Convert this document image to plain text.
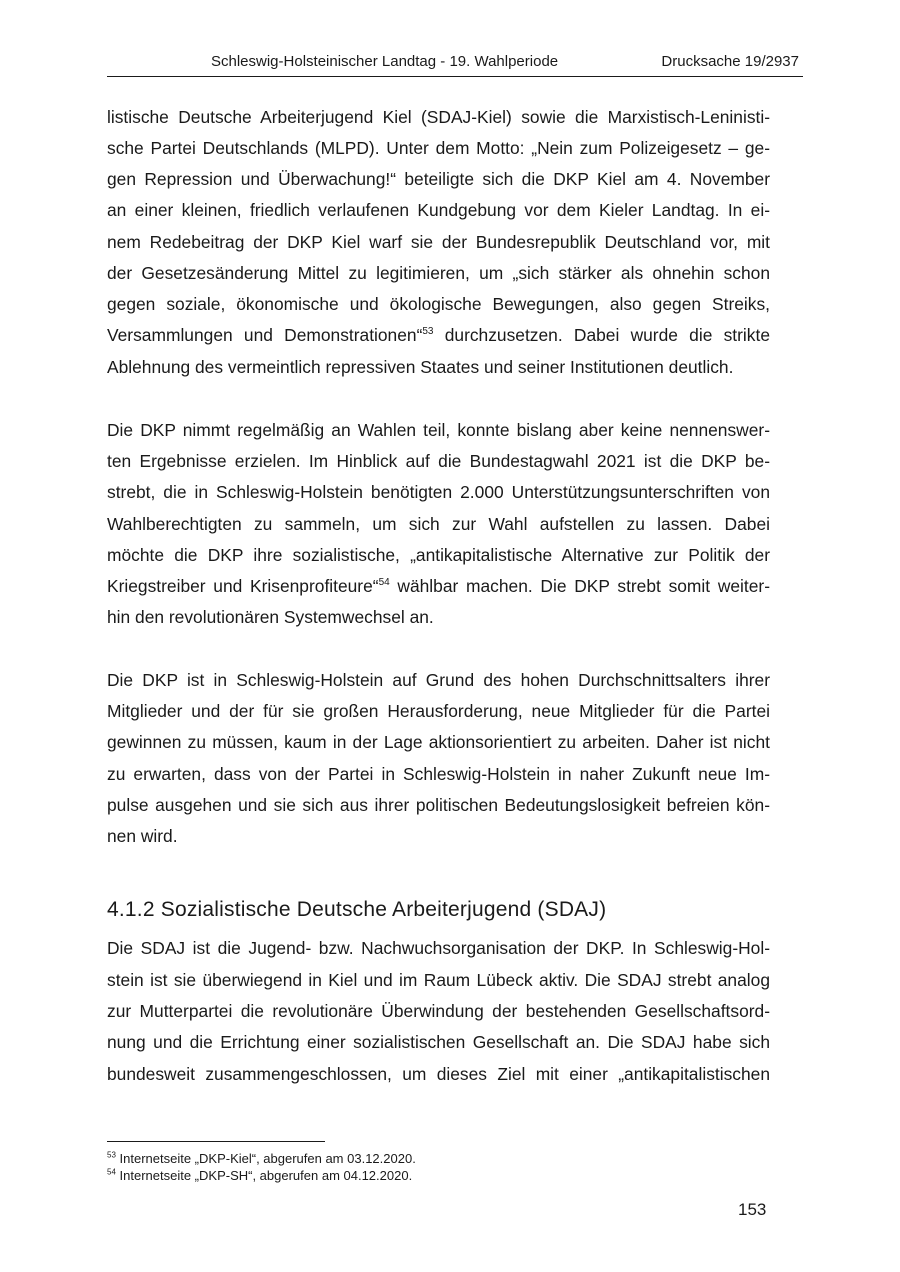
Schleswig-Holsteinischer Landtag - 19. Wahlperiode	Drucksache 19/2937
listische Deutsche Arbeiterjugend Kiel (SDAJ-Kiel) sowie die Marxistisch-Leninisti-
sche Partei Deutschlands (MLPD). Unter dem Motto: „Nein zum Polizeigesetz – ge-
gen Repression und Überwachung!“ beteiligte sich die DKP Kiel am 4. November
an einer kleinen, friedlich verlaufenen Kundgebung vor dem Kieler Landtag. In ei-
nem Redebeitrag der DKP Kiel warf sie der Bundesrepublik Deutschland vor, mit
der Gesetzesänderung Mittel zu legitimieren, um „sich stärker als ohnehin schon
gegen soziale, ökonomische und ökologische Bewegungen, also gegen Streiks,
Versammlungen und Demonstrationen“$^{53}$ durchzusetzen. Dabei wurde die strikte
Ablehnung des vermeintlich repressiven Staates und seiner Institutionen deutlich.
Die DKP nimmt regelmäßig an Wahlen teil, konnte bislang aber keine nennenswer-
ten Ergebnisse erzielen. Im Hinblick auf die Bundestagwahl 2021 ist die DKP be-
strebt, die in Schleswig-Holstein benötigten 2.000 Unterstützungsunterschriften von
Wahlberechtigten zu sammeln, um sich zur Wahl aufstellen zu lassen. Dabei
möchte die DKP ihre sozialistische, „antikapitalistische Alternative zur Politik der
Kriegstreiber und Krisenprofiteure“$^{54}$ wählbar machen. Die DKP strebt somit weiter-
hin den revolutionären Systemwechsel an.
Die DKP ist in Schleswig-Holstein auf Grund des hohen Durchschnittsalters ihrer
Mitglieder und der für sie großen Herausforderung, neue Mitglieder für die Partei
gewinnen zu müssen, kaum in der Lage aktionsorientiert zu arbeiten. Daher ist nicht
zu erwarten, dass von der Partei in Schleswig-Holstein in naher Zukunft neue Im-
pulse ausgehen und sie sich aus ihrer politischen Bedeutungslosigkeit befreien kön-
nen wird.
4.1.2 Sozialistische Deutsche Arbeiterjugend (SDAJ)
Die SDAJ ist die Jugend- bzw. Nachwuchsorganisation der DKP. In Schleswig-Hol-
stein ist sie überwiegend in Kiel und im Raum Lübeck aktiv. Die SDAJ strebt analog
zur Mutterpartei die revolutionäre Überwindung der bestehenden Gesellschaftsord-
nung und die Errichtung einer sozialistischen Gesellschaft an. Die SDAJ habe sich
bundesweit zusammengeschlossen, um dieses Ziel mit einer „antikapitalistischen
$^{53}$ Internetseite „DKP-Kiel“, abgerufen am 03.12.2020.
$^{54}$ Internetseite „DKP-SH“, abgerufen am 04.12.2020.
153
